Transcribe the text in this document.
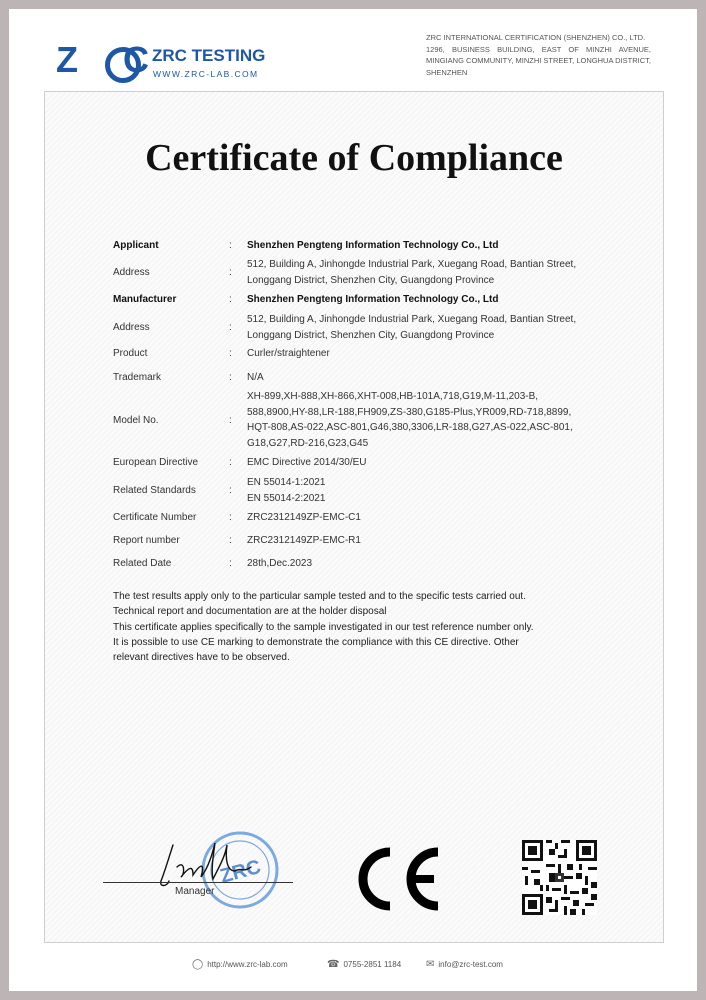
Z    C ZRC TESTING
WWW.ZRC-LAB.COM
ZRC INTERNATIONAL CERTIFICATION (SHENZHEN) CO., LTD.
1296, BUSINESS BUILDING, EAST OF MINZHI AVENUE, MINGIANG COMMUNITY, MINZHI STREET, LONGHUA DISTRICT, SHENZHEN
Certificate of Compliance
Applicant	: Shenzhen Pengteng Information Technology Co., Ltd
Address	:
512, Building A, Jinhongde Industrial Park, Xuegang Road, Bantian Street, Longgang District, Shenzhen City, Guangdong Province
Manufacturer	: Shenzhen Pengteng Information Technology Co., Ltd
Address	:
512, Building A, Jinhongde Industrial Park, Xuegang Road, Bantian Street, Longgang District, Shenzhen City, Guangdong Province
Product	: Curler/straightener
Trademark	: N/A
Model No.	:
XH-899,XH-888,XH-866,XHT-008,HB-101A,718,G19,M-11,203-B, 588,8900,HY-88,LR-188,FH909,ZS-380,G185-Plus,YR009,RD-718,8899, HQT-808,AS-022,ASC-801,G46,380,3306,LR-188,G27,AS-022,ASC-801, G18,G27,RD-216,G23,G45
European Directive	: EMC Directive 2014/30/EU
Related Standards	:
EN 55014-1:2021
EN 55014-2:2021
Certificate Number	: ZRC2312149ZP-EMC-C1
Report number	: ZRC2312149ZP-EMC-R1
Related Date	: 28th,Dec.2023
The test results apply only to the particular sample tested and to the specific tests carried out.
Technical report and documentation are at the holder disposal
This certificate applies specifically to the sample investigated in our test reference number only.
It is possible to use CE marking to demonstrate the compliance with this CE directive. Other
relevant directives have to be observed.
ZRC
Manager
CE
◯ http://www.zrc-lab.com	☎ 0755-2851 1184 ✉ info@zrc-test.com
